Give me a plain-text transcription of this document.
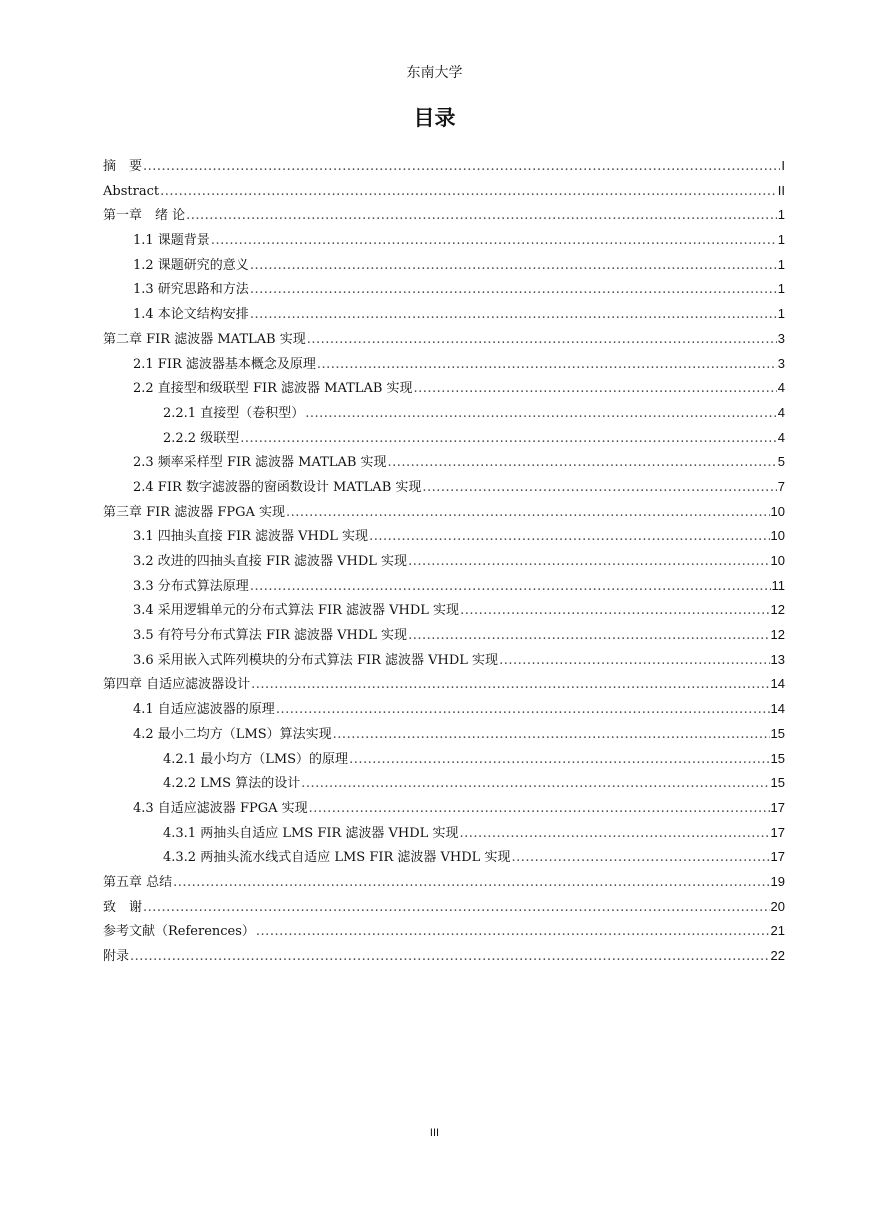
东南大学
目录
摘　要 .....	I
Abstract .....	II
第一章　绪 论 .....	1
1.1 课题背景 .....	1
1.2 课题研究的意义 .....	1
1.3 研究思路和方法 .....	1
1.4 本论文结构安排 .....	1
第二章 FIR 滤波器 MATLAB 实现 .....	3
2.1 FIR 滤波器基本概念及原理 .....	3
2.2 直接型和级联型 FIR 滤波器 MATLAB 实现 .....	4
2.2.1 直接型（卷积型） .....	4
2.2.2 级联型 .....	4
2.3 频率采样型 FIR 滤波器 MATLAB 实现 .....	5
2.4 FIR 数字滤波器的窗函数设计 MATLAB 实现 .....	7
第三章 FIR 滤波器 FPGA 实现 .....	10
3.1 四抽头直接 FIR 滤波器 VHDL 实现 .....	10
3.2 改进的四抽头直接 FIR 滤波器 VHDL 实现 .....	10
3.3 分布式算法原理 .....	11
3.4 采用逻辑单元的分布式算法 FIR 滤波器 VHDL 实现 .....	12
3.5 有符号分布式算法 FIR 滤波器 VHDL 实现 .....	12
3.6 采用嵌入式阵列模块的分布式算法 FIR 滤波器 VHDL 实现 .....	13
第四章 自适应滤波器设计 .....	14
4.1 自适应滤波器的原理 .....	14
4.2 最小二均方（LMS）算法实现 .....	15
4.2.1 最小均方（LMS）的原理 .....	15
4.2.2 LMS 算法的设计 .....	15
4.3 自适应滤波器 FPGA 实现 .....	17
4.3.1 两抽头自适应 LMS FIR 滤波器 VHDL 实现 .....	17
4.3.2 两抽头流水线式自适应 LMS FIR 滤波器 VHDL 实现 .....	17
第五章 总结 .....	19
致　谢 .....	20
参考文献（References） .....	21
附录 .....	22
III
